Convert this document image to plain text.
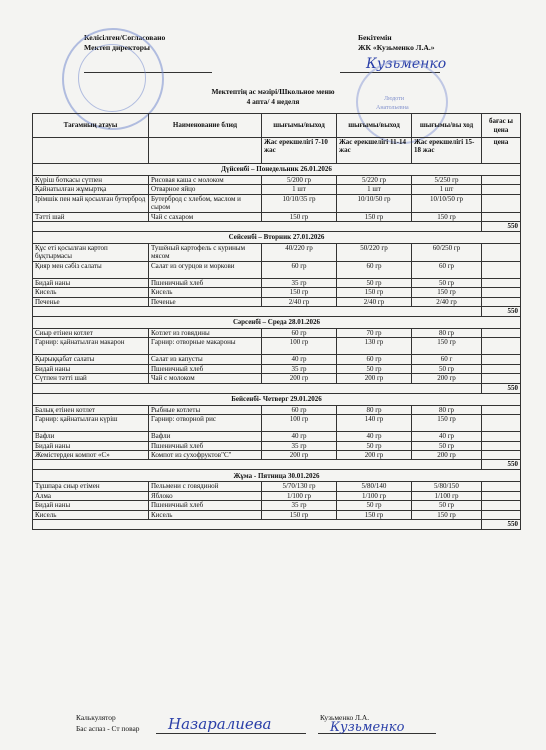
Келісілген/Согласовано
Мектеп директоры
Бекітемін
ЖК «Кузьменко Л.А.»
Кузьменко
Людоти
Анатольевна
Мектептің ас мәзірі/Школьное меню
4 апта/ 4 неделя
Тағамның атауы	Наименование блюд	шығымы/выход	шығымы/выход	шығымы/вы ход	бағас ы цена
		Жас ерекшелігі 7-10 жас	Жас ерекшелігі 11-14 жас	Жас ерекшелігі 15-18 жас	цена
Дүйсенбі – Понедельник 26.01.2026					
Күріш боткасы сүтпен	Рисовая каша с молоком	5/200 гр	5/220 гр	5/250 гр	
Қайнатылған жұмыртқа	Отварное яйцо	1 шт	1 шт	1 шт	
Ірімшік пен май қосылған бутерброд	Бутерброд с хлебом, маслом и сыром	10/10/35 гр	10/10/50 гр	10/10/50 гр	
Тәтті шай	Чай с сахаром	150 гр	150 гр	150 гр	
					550
Сейсенбі – Вторник 27.01.2026					
Құс еті қосылған картоп бұқтырмасы	Тушёный картофель с куриным мясом	40/220 гр	50/220 гр	60/250 гр	
Қияр мен сәбіз салаты	Салат из огурцов и моркови	60 гр	60 гр	60 гр	
Бидай наны	Пшеничный хлеб	35 гр	50 гр	50 гр	
Кисель	Кисель	150 гр	150 гр	150 гр	
Печенье	Печенье	2/40 гр	2/40 гр	2/40 гр	
					550
Сәрсенбі – Среда 28.01.2026					
Сиыр етінен котлет	Котлет из говядины	60 гр	70 гр	80 гр	
Гарнир: қайнатылған макарон	Гарнир: отворные макароны	100 гр	130 гр	150 гр	
Қырыққабат салаты	Салат из капусты	40 гр	60 гр	60 г	
Бидай наны	Пшеничный хлеб	35 гр	50 гр	50 гр	
Сүтпен тәтті шай	Чай с молоком	200 гр	200 гр	200 гр	
					550
Бейсенбі- Четверг 29.01.2026					
Балық етінен котлет	Рыбные котлеты	60 гр	80 гр	80 гр	
Гарнир: қайнатылған күріш	Гарнир: отворной рис	100 гр	140 гр	150 гр	
Вафли	Вафли	40 гр	40 гр	40 гр	
Бидай наны	Пшеничный хлеб	35 гр	50 гр	50 гр	
Жемістерден компот «С»	Компот из сухофруктов"С"	200 гр	200 гр	200 гр	
					550
Жұма - Пятница 30.01.2026					
Тұшпара сиыр етімен	Пельмени с говядиной	5/70/130 гр	5/80/140	5/80/150	
Алма	Яблоко	1/100 гр	1/100 гр	1/100 гр	
Бидай наны	Пшеничный хлеб	35 гр	50 гр	50 гр	
Кисель	Кисель	150 гр	150 гр	150 гр	
					550
Калькулятор
Бас аспаз - Ст повар Назаралиева	Кузьменко Л.А.
Кузьменко
